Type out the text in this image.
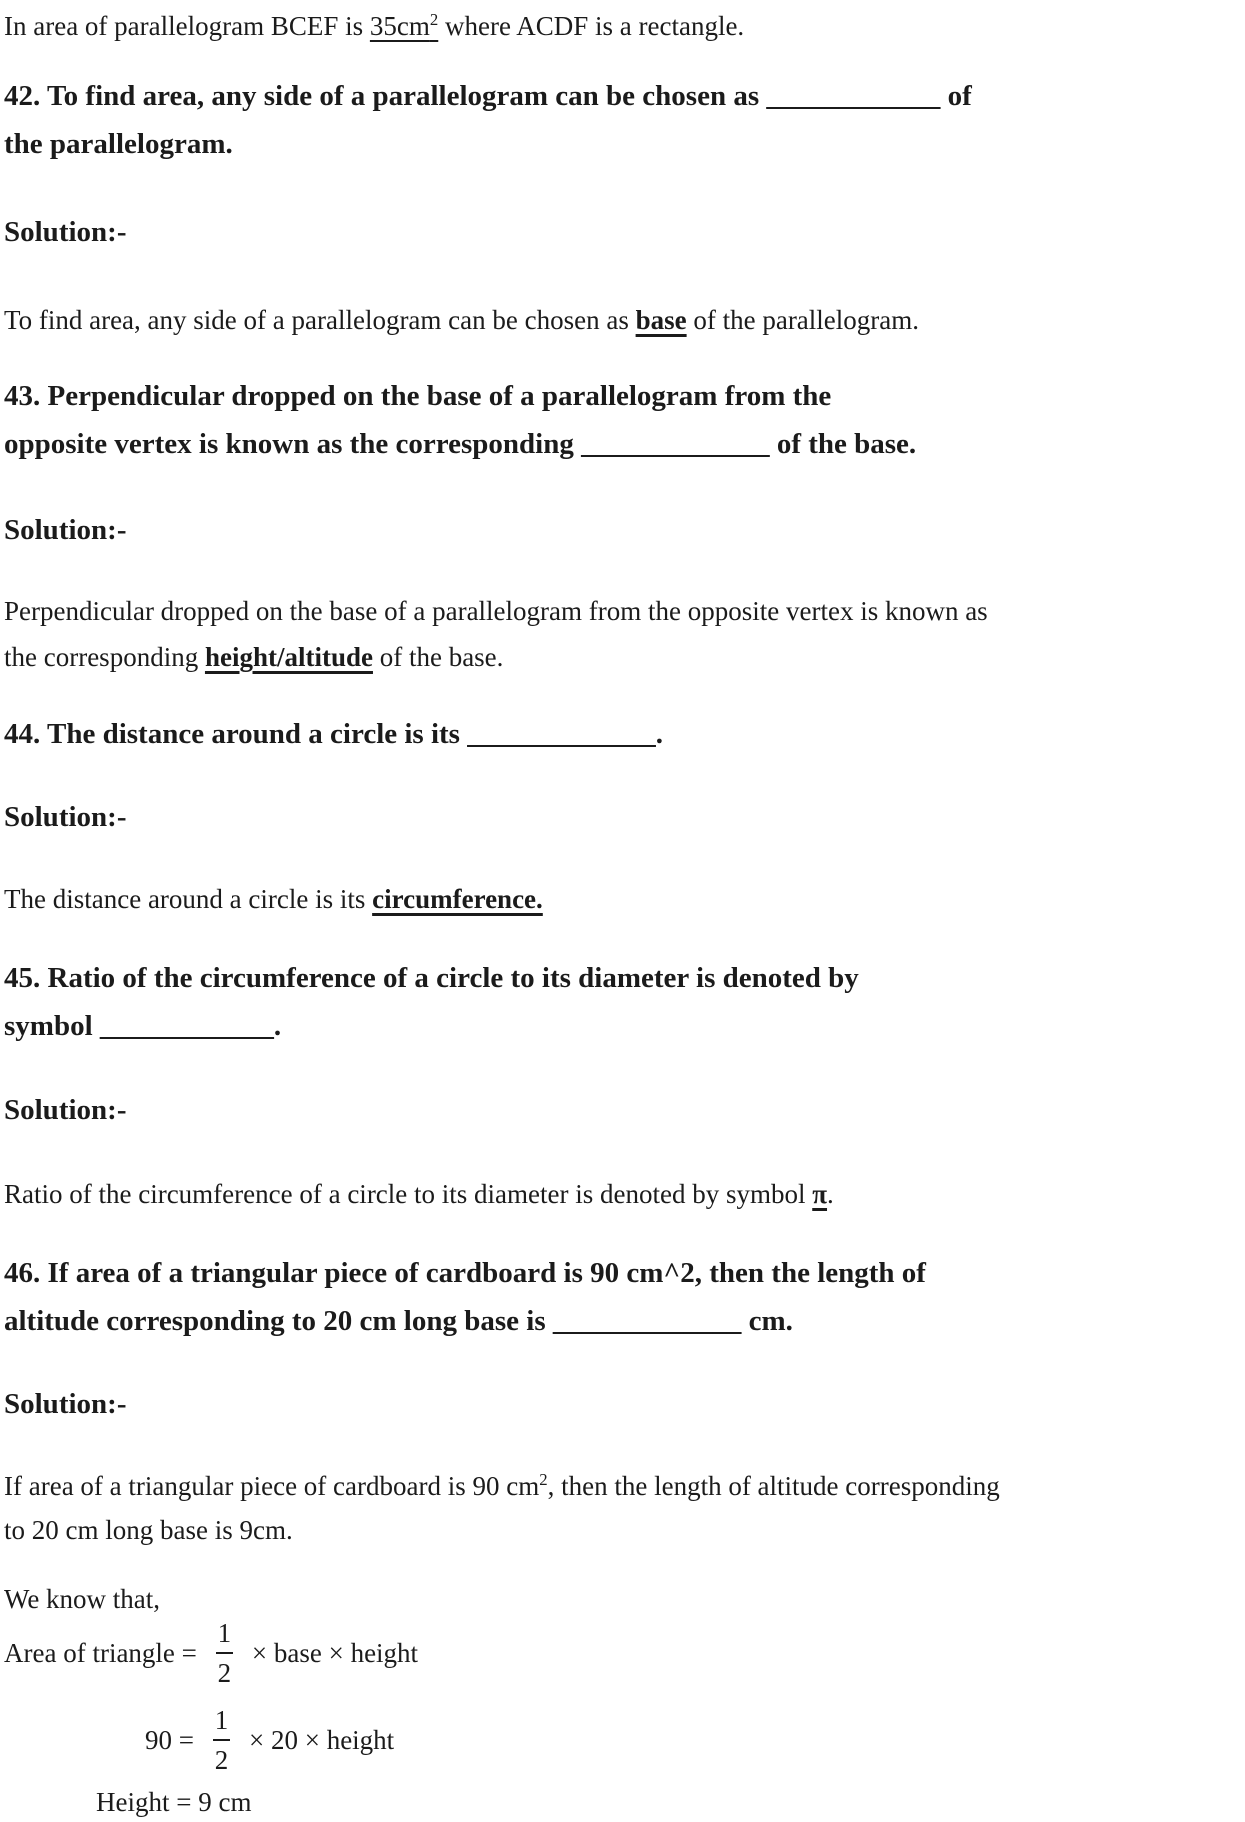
In area of parallelogram BCEF is $35cm^2$ where ACDF is a rectangle.
42. To find area, any side of a parallelogram can be chosen as ____________ of
the parallelogram.
Solution:-
To find area, any side of a parallelogram can be chosen as base of the parallelogram.
43. Perpendicular dropped on the base of a parallelogram from the
opposite vertex is known as the corresponding _____________ of the base.
Solution:-
Perpendicular dropped on the base of a parallelogram from the opposite vertex is known as
the corresponding height/altitude of the base.
44. The distance around a circle is its _____________.
Solution:-
The distance around a circle is its circumference.
45. Ratio of the circumference of a circle to its diameter is denoted by
symbol ____________.
Solution:-
Ratio of the circumference of a circle to its diameter is denoted by symbol π.
46. If area of a triangular piece of cardboard is 90 cm^2, then the length of
altitude corresponding to 20 cm long base is _____________ cm.
Solution:-
If area of a triangular piece of cardboard is 90 $cm^2$, then the length of altitude corresponding
to 20 cm long base is 9cm.
We know that,
Area of triangle = $\frac{1}{2}$ × base × height
$90 = \frac{1}{2} \times 20$ × height
Height = 9 cm
